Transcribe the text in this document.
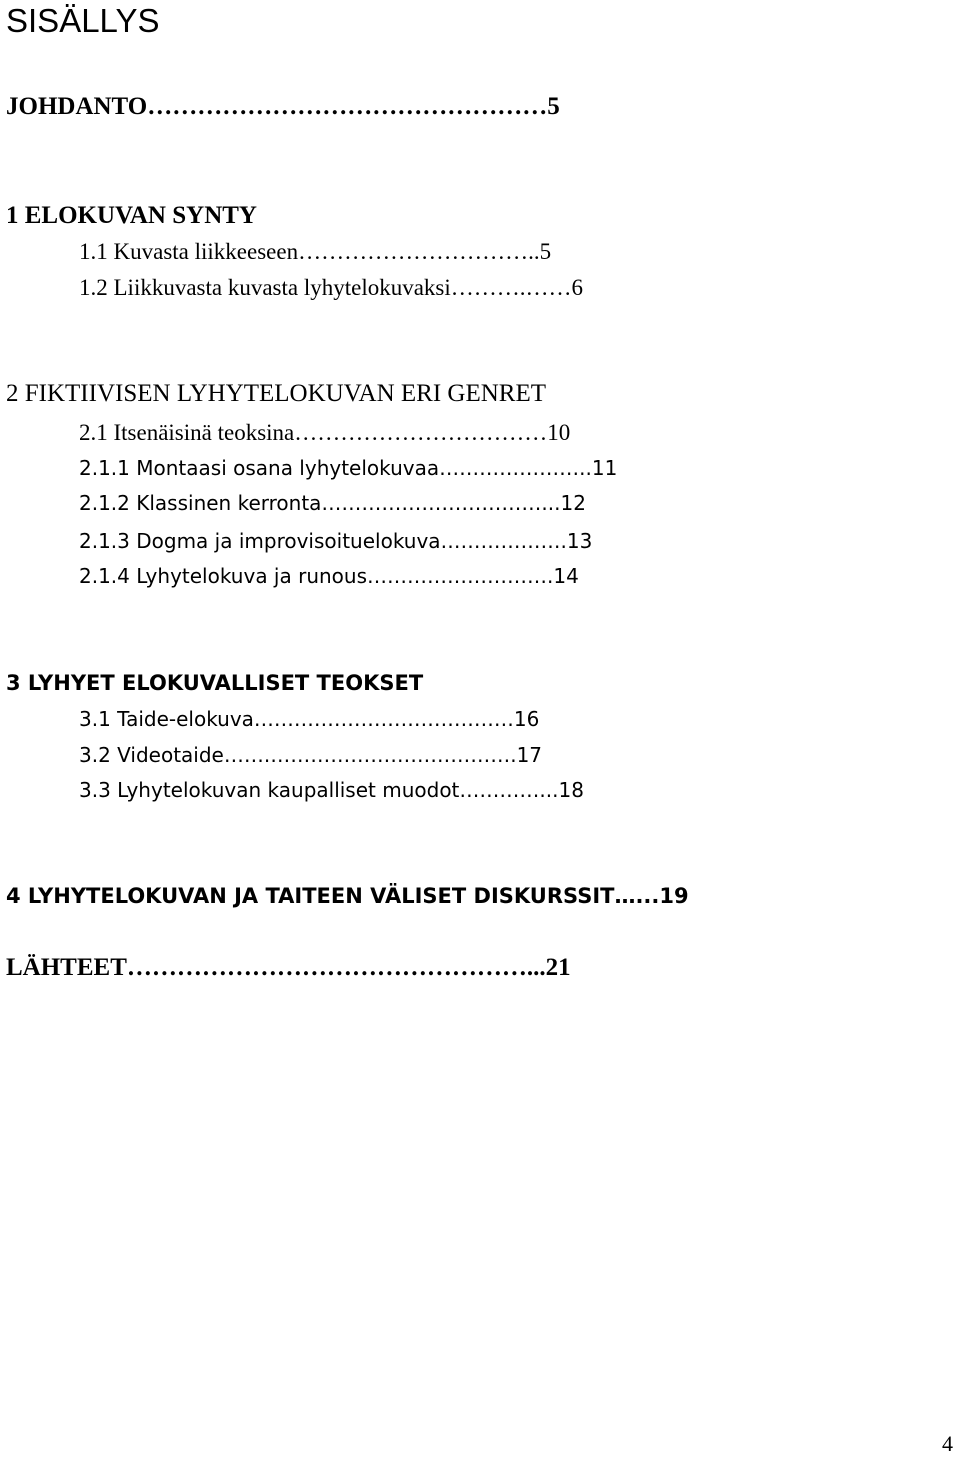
SISÄLLYS
JOHDANTO…………………………………………5
1 ELOKUVAN SYNTY
1.1 Kuvasta liikkeeseen…………………………..5
1.2 Liikkuvasta kuvasta lyhytelokuvaksi……….……6
2 FIKTIIVISEN LYHYTELOKUVAN ERI GENRET
2.1 Itsenäisinä teoksina……………………………10
2.1.1 Montaasi osana lyhytelokuvaa…………………..11
2.1.2 Klassinen kerronta……………………………...12
2.1.3 Dogma ja improvisoituelokuva……………….13
2.1.4 Lyhytelokuva ja runous……………………….14
3 LYHYET ELOKUVALLISET TEOKSET
3.1 Taide-elokuva…………………………………16
3.2 Videotaide…….……………………………….17
3.3 Lyhytelokuvan kaupalliset muodot…………...18
4 LYHYTELOKUVAN JA TAITEEN VÄLISET DISKURSSIT…...19
LÄHTEET…………………………………………...21
4
